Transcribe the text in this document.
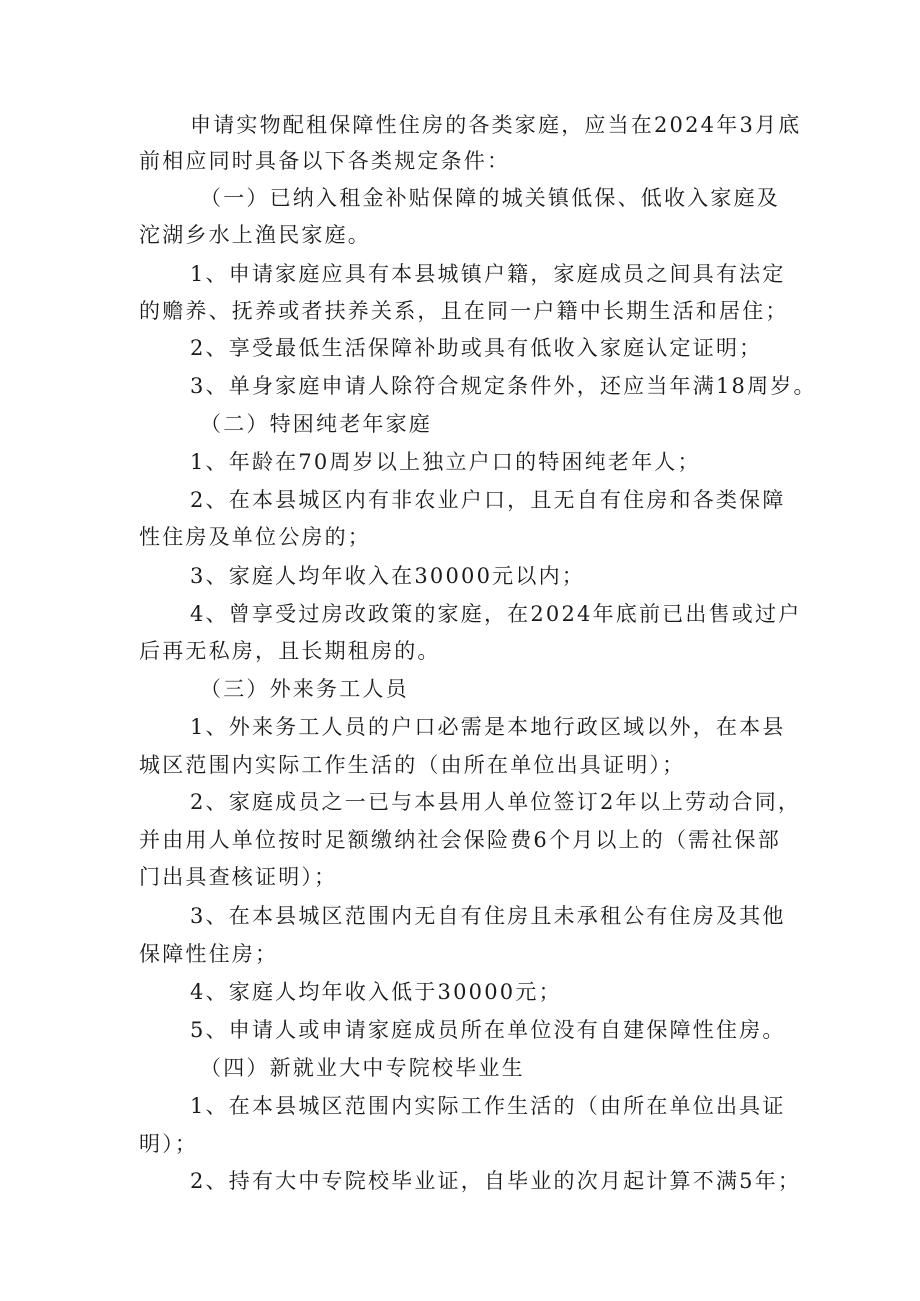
申请实物配租保障性住房的各类家庭，应当在2024年3月底
前相应同时具备以下各类规定条件：
（一）已纳入租金补贴保障的城关镇低保、低收入家庭及
沱湖乡水上渔民家庭。
1、申请家庭应具有本县城镇户籍，家庭成员之间具有法定
的赡养、抚养或者扶养关系，且在同一户籍中长期生活和居住；
2、享受最低生活保障补助或具有低收入家庭认定证明；
3、单身家庭申请人除符合规定条件外，还应当年满18周岁。
（二）特困纯老年家庭
1、年龄在70周岁以上独立户口的特困纯老年人；
2、在本县城区内有非农业户口，且无自有住房和各类保障
性住房及单位公房的；
3、家庭人均年收入在30000元以内；
4、曾享受过房改政策的家庭，在2024年底前已出售或过户
后再无私房，且长期租房的。
（三）外来务工人员
1、外来务工人员的户口必需是本地行政区域以外，在本县
城区范围内实际工作生活的（由所在单位出具证明）；
2、家庭成员之一已与本县用人单位签订2年以上劳动合同，
并由用人单位按时足额缴纳社会保险费6个月以上的（需社保部
门出具查核证明）；
3、在本县城区范围内无自有住房且未承租公有住房及其他
保障性住房；
4、家庭人均年收入低于30000元；
5、申请人或申请家庭成员所在单位没有自建保障性住房。
（四）新就业大中专院校毕业生
1、在本县城区范围内实际工作生活的（由所在单位出具证
明）；
2、持有大中专院校毕业证，自毕业的次月起计算不满5年；
